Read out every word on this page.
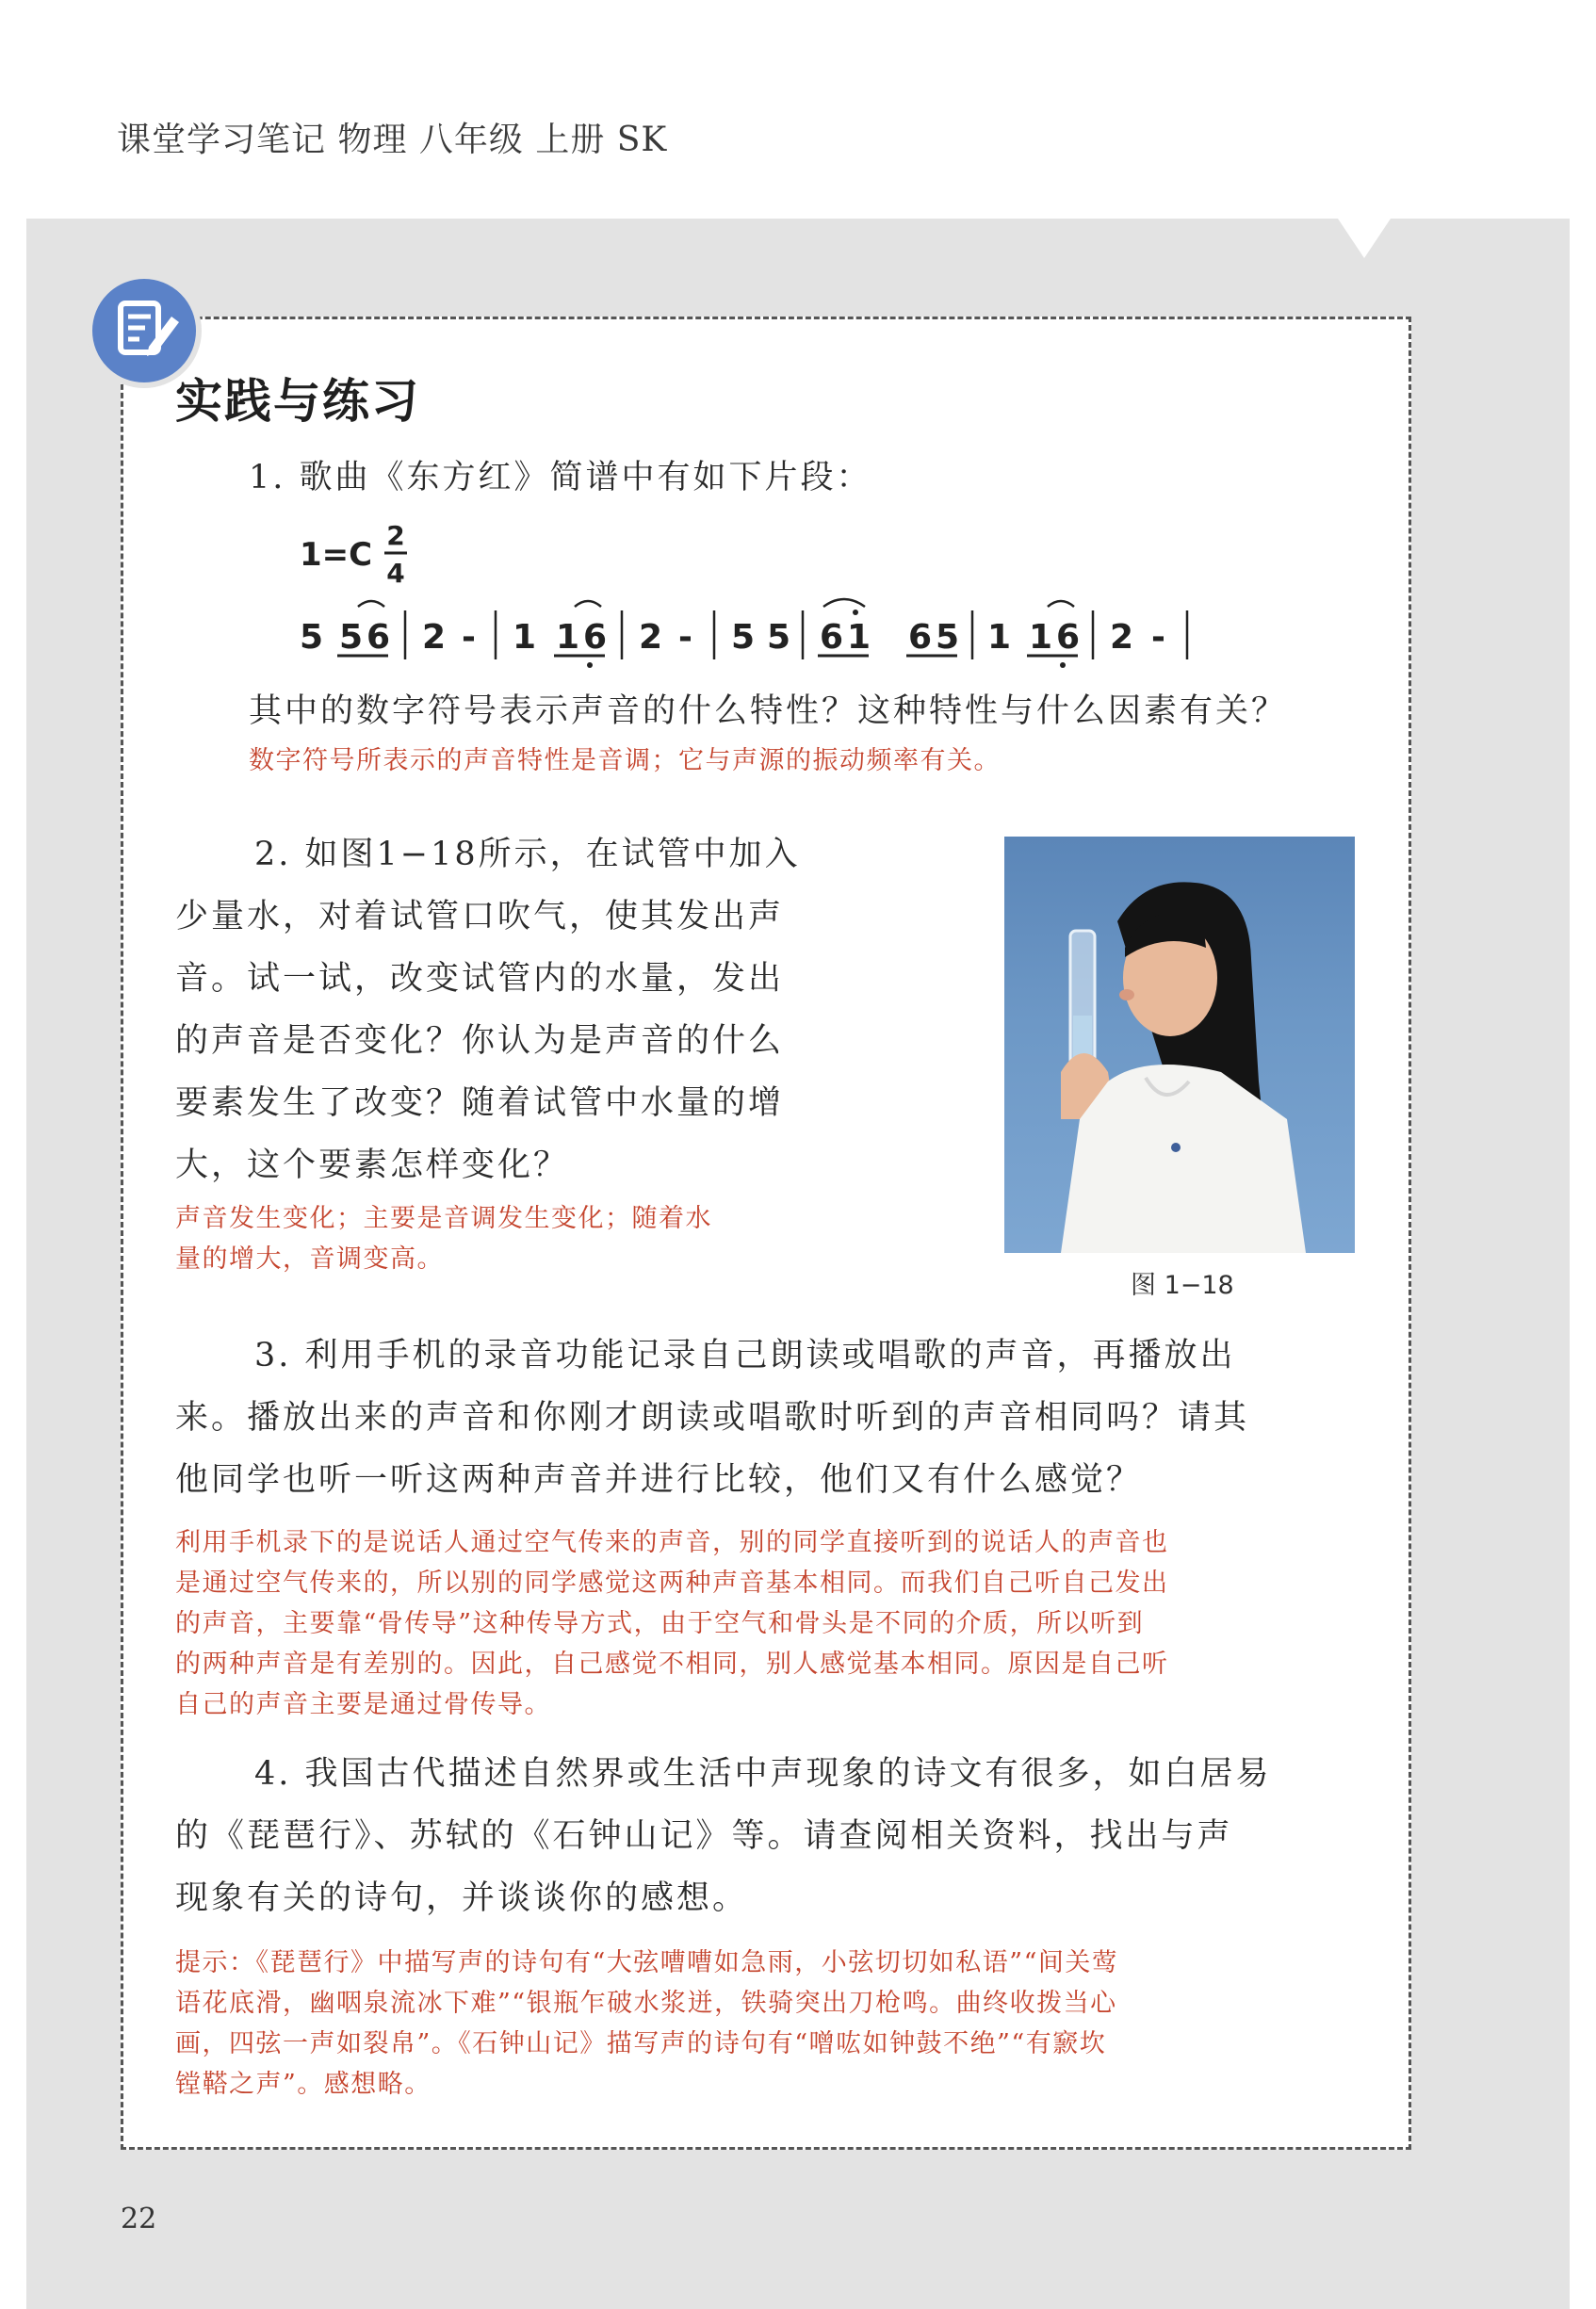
课堂学习笔记 物理 八年级 上册 SK
实践与练习
1. 歌曲《东方红》简谱中有如下片段：
1=C
2
4
5 56 2 - 1 16 2 - 5 5 61 65 1 16 2 -
其中的数字符号表示声音的什么特性？这种特性与什么因素有关？
数字符号所表示的声音特性是音调；它与声源的振动频率有关。
2. 如图1−18所示，在试管中加入
少量水，对着试管口吹气，使其发出声
音。试一试，改变试管内的水量，发出
的声音是否变化？你认为是声音的什么
要素发生了改变？随着试管中水量的增
大，这个要素怎样变化？
声音发生变化；主要是音调发生变化；随着水
量的增大，音调变高。
图 1−18
3. 利用手机的录音功能记录自己朗读或唱歌的声音，再播放出
来。播放出来的声音和你刚才朗读或唱歌时听到的声音相同吗？请其
他同学也听一听这两种声音并进行比较，他们又有什么感觉？
利用手机录下的是说话人通过空气传来的声音，别的同学直接听到的说话人的声音也
是通过空气传来的，所以别的同学感觉这两种声音基本相同。而我们自己听自己发出
的声音，主要靠“骨传导”这种传导方式，由于空气和骨头是不同的介质，所以听到
的两种声音是有差别的。因此，自己感觉不相同，别人感觉基本相同。原因是自己听
自己的声音主要是通过骨传导。
4. 我国古代描述自然界或生活中声现象的诗文有很多，如白居易
的《琵琶行》、苏轼的《石钟山记》等。请查阅相关资料，找出与声
现象有关的诗句，并谈谈你的感想。
提示：《琵琶行》中描写声的诗句有“大弦嘈嘈如急雨，小弦切切如私语”“间关莺
语花底滑，幽咽泉流冰下难”“银瓶乍破水浆迸，铁骑突出刀枪鸣。曲终收拨当心
画，四弦一声如裂帛”。《石钟山记》描写声的诗句有“噌吰如钟鼓不绝”“有窾坎
镗鞳之声”。感想略。
22
